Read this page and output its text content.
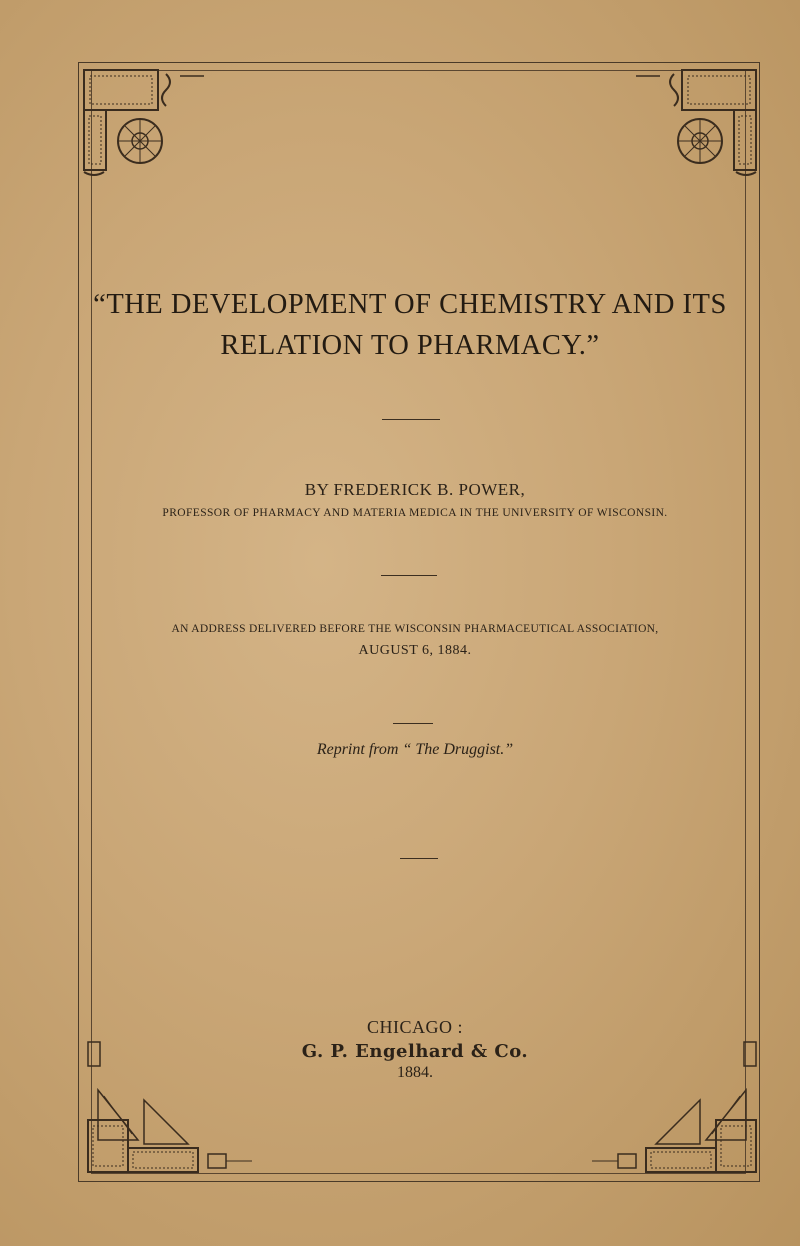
“THE DEVELOPMENT OF CHEMISTRY AND ITS
RELATION TO PHARMACY.”
BY FREDERICK B. POWER,
PROFESSOR OF PHARMACY AND MATERIA MEDICA IN THE UNIVERSITY OF WISCONSIN.
AN ADDRESS DELIVERED BEFORE THE WISCONSIN PHARMACEUTICAL ASSOCIATION,
AUGUST 6, 1884.
Reprint from “ The Druggist.”
CHICAGO :
G. P. Engelhard & Co.
1884.
